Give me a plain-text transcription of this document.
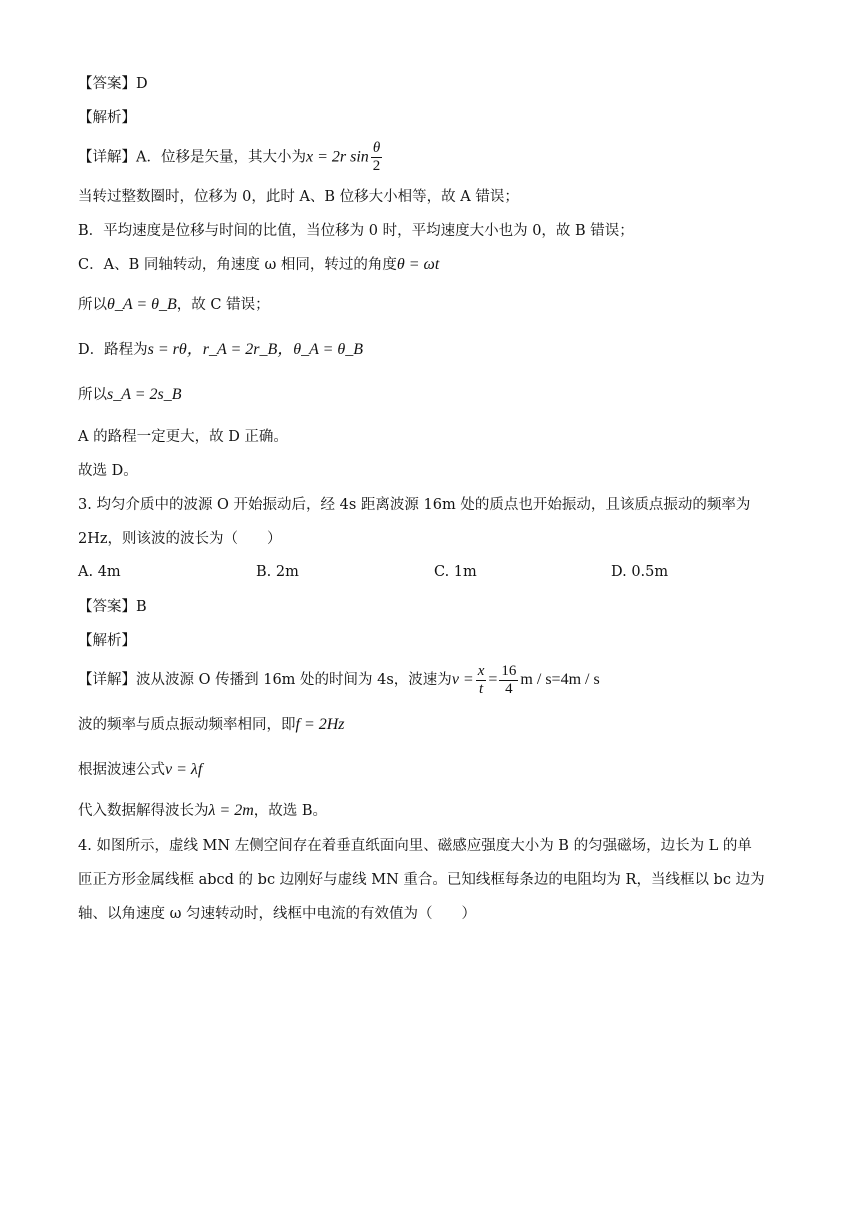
【答案】D
【解析】
【详解】A．位移是矢量，其大小为x = 2r $\sin \frac{\theta}{2}$
当转过整数圈时，位移为 0，此时 A、B 位移大小相等，故 A 错误；
B．平均速度是位移与时间的比值，当位移为 0 时，平均速度大小也为 0，故 B 错误；
C．A、B 同轴转动，角速度 ω 相同，转过的角度θ = ωt
所以θ_A = θ_B，故 C 错误；
D．路程为s = rθ，r_A = 2r_B，θ_A = θ_B
所以s_A = 2s_B
A 的路程一定更大，故 D 正确。
故选 D。
3. 均匀介质中的波源 O 开始振动后，经 4s 距离波源 16m 处的质点也开始振动，且该质点振动的频率为
2Hz，则该波的波长为（　　）
A. 4m	B. 2m	C. 1m	D. 0.5m
【答案】B
【解析】
【详解】波从波源 O 传播到 16m 处的时间为 4s，波速为$v = \frac{x}{t} = \frac{16}{4}$ m / s=4m / s
波的频率与质点振动频率相同，即f = 2Hz
根据波速公式v = λf
代入数据解得波长为λ = 2m，故选 B。
4. 如图所示，虚线 MN 左侧空间存在着垂直纸面向里、磁感应强度大小为 B 的匀强磁场，边长为 L 的单
匝正方形金属线框 abcd 的 bc 边刚好与虚线 MN 重合。已知线框每条边的电阻均为 R，当线框以 bc 边为
轴、以角速度 ω 匀速转动时，线框中电流的有效值为（　　）
